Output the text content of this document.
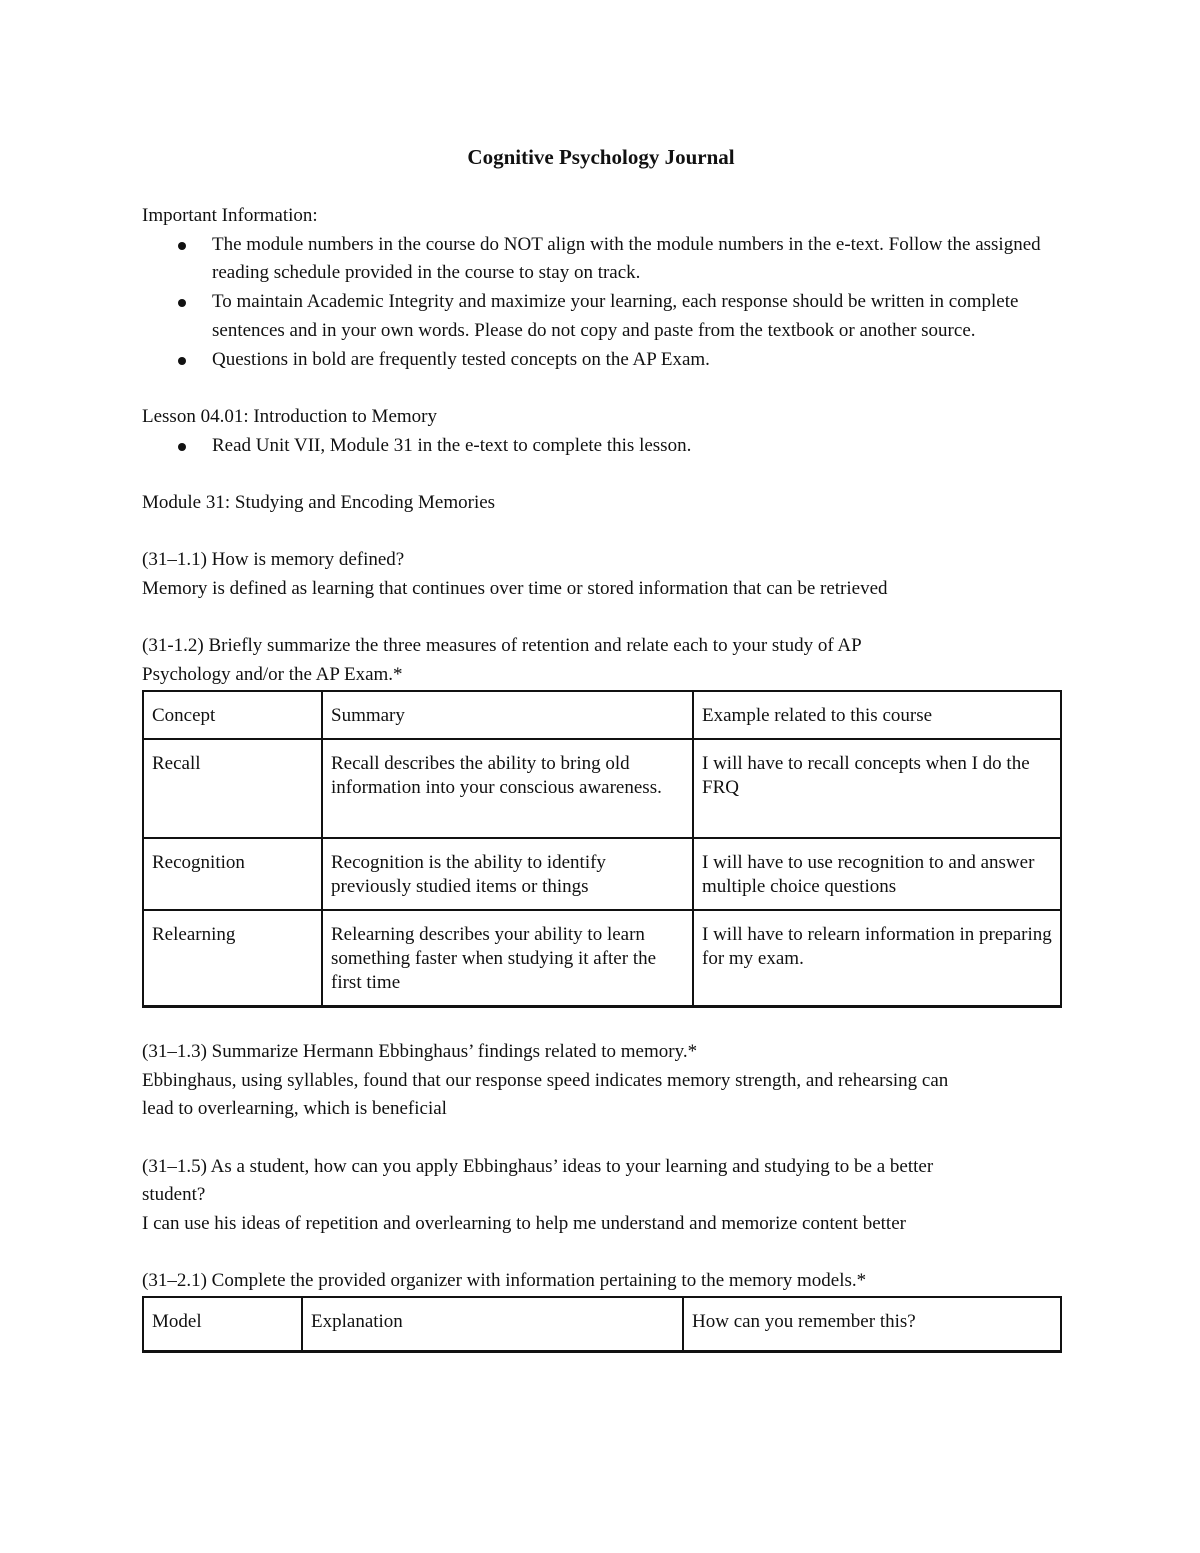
Cognitive Psychology Journal

Important Information:

The module numbers in the course do NOT align with the module numbers in the e-text. Follow the assigned reading schedule provided in the course to stay on track.
To maintain Academic Integrity and maximize your learning, each response should be written in complete sentences and in your own words. Please do not copy and paste from the textbook or another source.
Questions in bold are frequently tested concepts on the AP Exam.

Lesson 04.01: Introduction to Memory

Read Unit VII, Module 31 in the e-text to complete this lesson.

Module 31: Studying and Encoding Memories

(31–1.1) How is memory defined?

Memory is defined as learning that continues over time or stored information that can be retrieved

(31-1.2) Briefly summarize the three measures of retention and relate each to your study of AP

Psychology and/or the AP Exam.*

Concept	Summary	Example related to this course
Recall	Recall describes the ability to bring old information into your conscious awareness.	I will have to recall concepts when I do the FRQ
Recognition	Recognition is the ability to identify previously studied items or things	I will have to use recognition to and answer multiple choice questions
Relearning	Relearning describes your ability to learn something faster when studying it after the first time	I will have to relearn information in preparing for my exam.

(31–1.3) Summarize Hermann Ebbinghaus’ findings related to memory.*

Ebbinghaus, using syllables, found that our response speed indicates memory strength, and rehearsing can

lead to overlearning, which is beneficial

(31–1.5) As a student, how can you apply Ebbinghaus’ ideas to your learning and studying to be a better

student?

I can use his ideas of repetition and overlearning to help me understand and memorize content better

(31–2.1) Complete the provided organizer with information pertaining to the memory models.*

Model	Explanation	How can you remember this?
